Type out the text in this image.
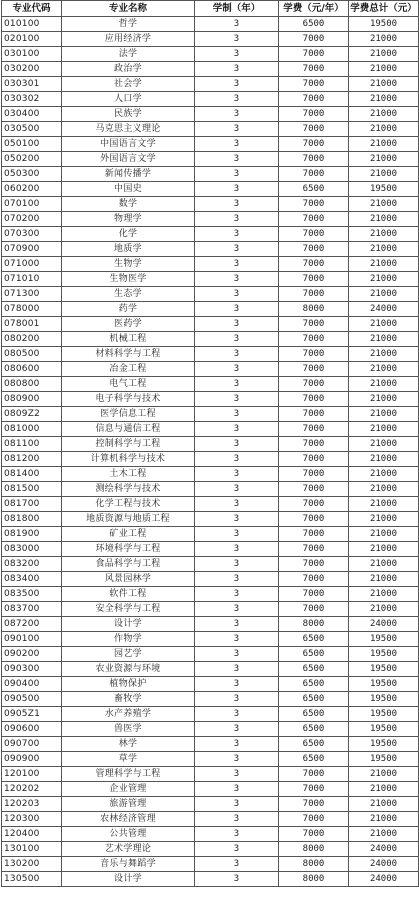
专业代码	专业名称	学制（年）	学费（元/年）	学费总计（元）
010100	哲学	3	6500	19500
020100	应用经济学	3	7000	21000
030100	法学	3	7000	21000
030200	政治学	3	7000	21000
030301	社会学	3	7000	21000
030302	人口学	3	7000	21000
030400	民族学	3	7000	21000
030500	马克思主义理论	3	7000	21000
050100	中国语言文学	3	7000	21000
050200	外国语言文学	3	7000	21000
050300	新闻传播学	3	7000	21000
060200	中国史	3	6500	19500
070100	数学	3	7000	21000
070200	物理学	3	7000	21000
070300	化学	3	7000	21000
070900	地质学	3	7000	21000
071000	生物学	3	7000	21000
071010	生物医学	3	7000	21000
071300	生态学	3	7000	21000
078000	药学	3	8000	24000
078001	医药学	3	7000	21000
080200	机械工程	3	7000	21000
080500	材料科学与工程	3	7000	21000
080600	冶金工程	3	7000	21000
080800	电气工程	3	7000	21000
080900	电子科学与技术	3	7000	21000
0809Z2	医学信息工程	3	7000	21000
081000	信息与通信工程	3	7000	21000
081100	控制科学与工程	3	7000	21000
081200	计算机科学与技术	3	7000	21000
081400	土木工程	3	7000	21000
081500	测绘科学与技术	3	7000	21000
081700	化学工程与技术	3	7000	21000
081800	地质资源与地质工程	3	7000	21000
081900	矿业工程	3	7000	21000
083000	环境科学与工程	3	7000	21000
083200	食品科学与工程	3	7000	21000
083400	风景园林学	3	7000	21000
083500	软件工程	3	7000	21000
083700	安全科学与工程	3	7000	21000
087200	设计学	3	8000	24000
090100	作物学	3	6500	19500
090200	园艺学	3	6500	19500
090300	农业资源与环境	3	6500	19500
090400	植物保护	3	6500	19500
090500	畜牧学	3	6500	19500
0905Z1	水产养殖学	3	6500	19500
090600	兽医学	3	6500	19500
090700	林学	3	6500	19500
090900	草学	3	6500	19500
120100	管理科学与工程	3	7000	21000
120202	企业管理	3	7000	21000
120203	旅游管理	3	7000	21000
120300	农林经济管理	3	7000	21000
120400	公共管理	3	7000	21000
130100	艺术学理论	3	8000	24000
130200	音乐与舞蹈学	3	8000	24000
130500	设计学	3	8000	24000
